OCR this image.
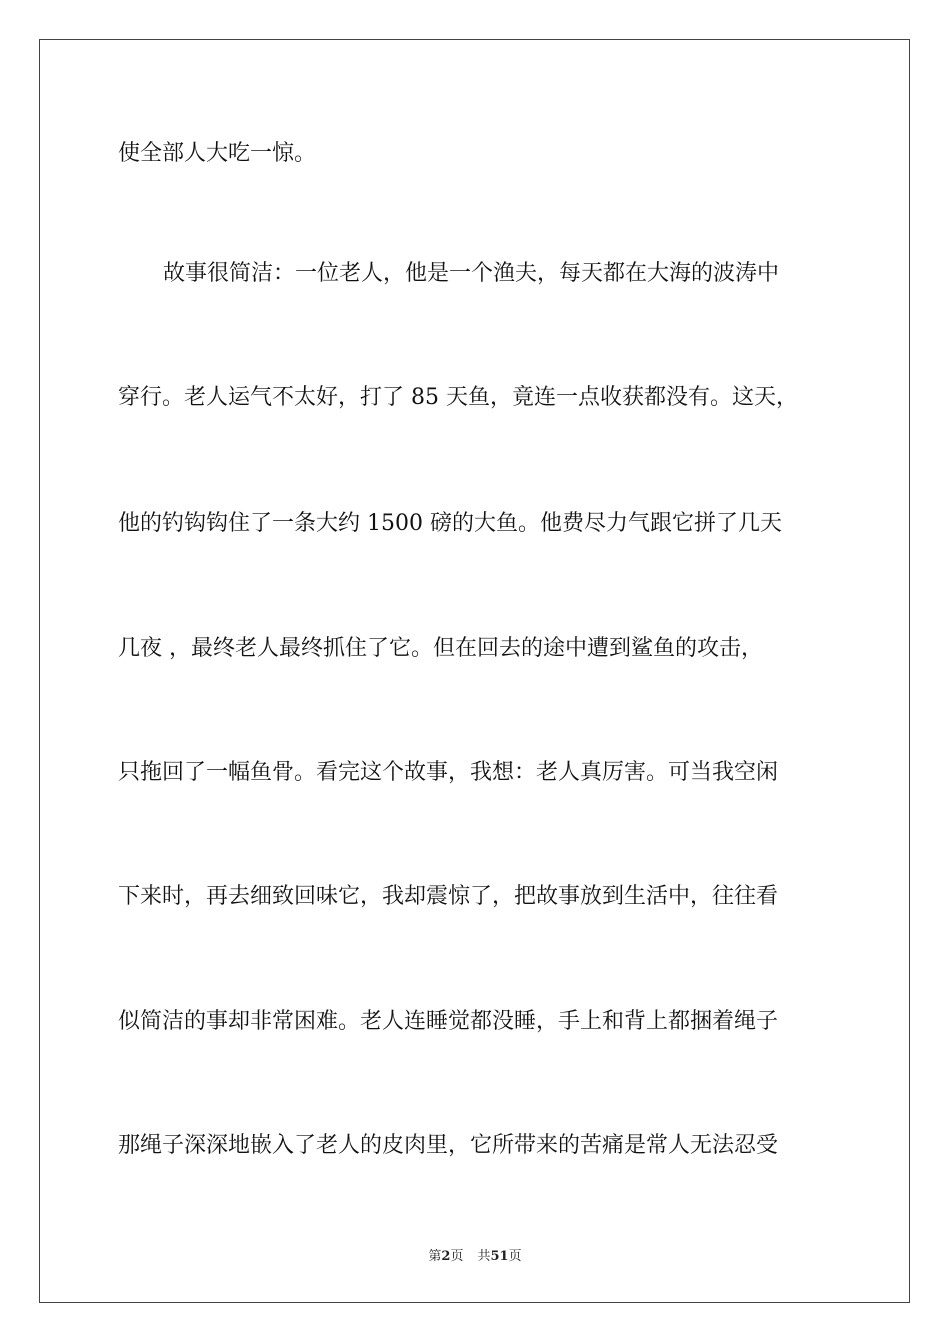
使全部人大吃一惊。

故事很简洁：一位老人，他是一个渔夫，每天都在大海的波涛中

穿行。老人运气不太好，打了 85 天鱼，竟连一点收获都没有。这天，

他的钓钩钩住了一条大约 1500 磅的大鱼。他费尽力气跟它拼了几天

几夜 ，最终老人最终抓住了它。但在回去的途中遭到鲨鱼的攻击，

只拖回了一幅鱼骨。看完这个故事，我想：老人真厉害。可当我空闲

下来时，再去细致回味它，我却震惊了，把故事放到生活中，往往看

似简洁的事却非常困难。老人连睡觉都没睡，手上和背上都捆着绳子

那绳子深深地嵌入了老人的皮肉里，它所带来的苦痛是常人无法忍受

第2页 共51页
